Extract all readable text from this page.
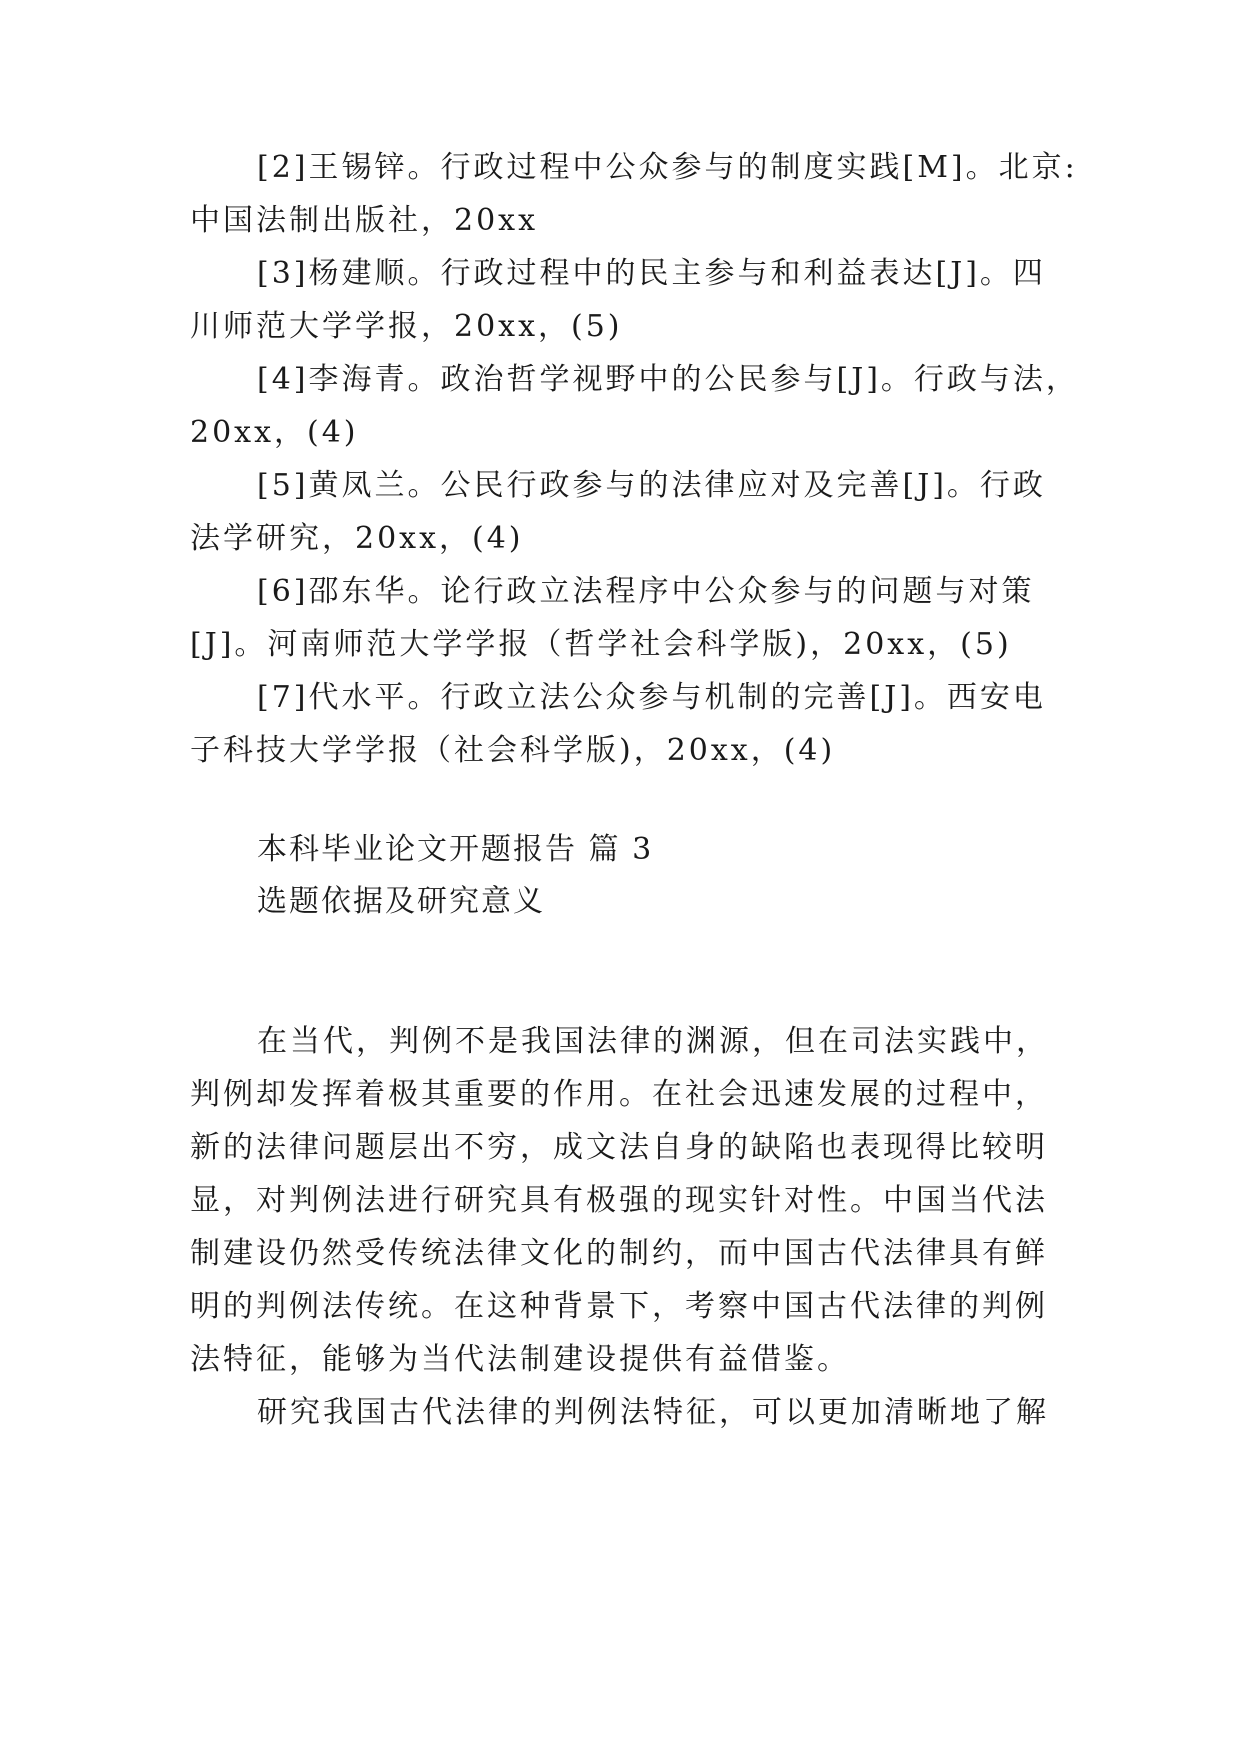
[2]王锡锌。行政过程中公众参与的制度实践[M]。北京:
中国法制出版社，20xx
[3]杨建顺。行政过程中的民主参与和利益表达[J]。四
川师范大学学报，20xx，(5)
[4]李海青。政治哲学视野中的公民参与[J]。行政与法，
20xx，(4)
[5]黄凤兰。公民行政参与的法律应对及完善[J]。行政
法学研究，20xx，(4)
[6]邵东华。论行政立法程序中公众参与的问题与对策
[J]。河南师范大学学报（哲学社会科学版)，20xx，(5)
[7]代水平。行政立法公众参与机制的完善[J]。西安电
子科技大学学报（社会科学版)，20xx，(4)
本科毕业论文开题报告 篇 3
选题依据及研究意义
在当代，判例不是我国法律的渊源，但在司法实践中，
判例却发挥着极其重要的作用。在社会迅速发展的过程中，
新的法律问题层出不穷，成文法自身的缺陷也表现得比较明
显，对判例法进行研究具有极强的现实针对性。中国当代法
制建设仍然受传统法律文化的制约，而中国古代法律具有鲜
明的判例法传统。在这种背景下，考察中国古代法律的判例
法特征，能够为当代法制建设提供有益借鉴。
研究我国古代法律的判例法特征，可以更加清晰地了解
